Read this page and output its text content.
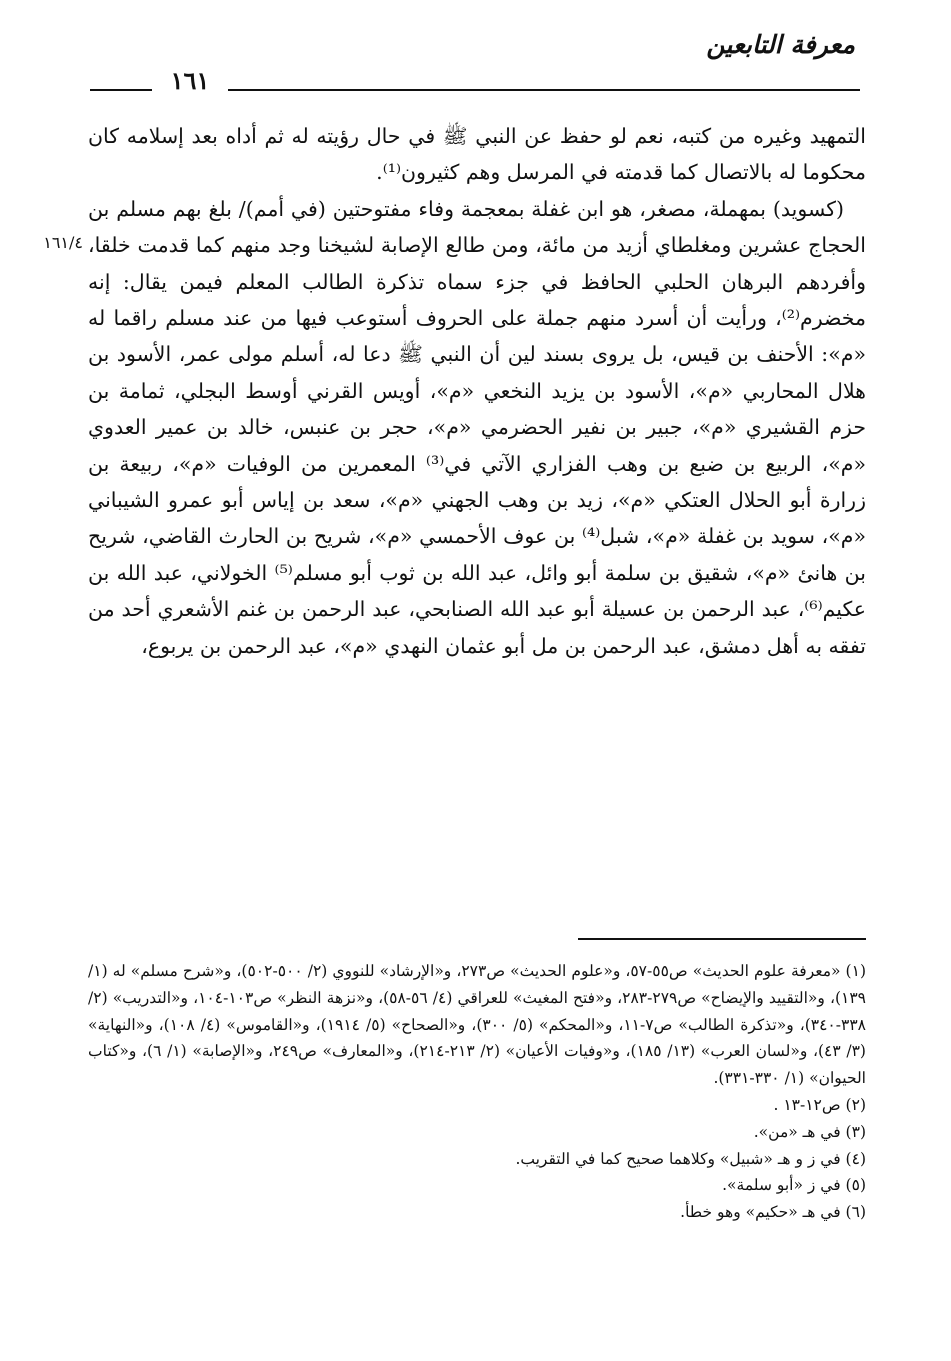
معرفة التابعين
١٦١
١٦١/٤

التمهيد وغيره من كتبه، نعم لو حفظ عن النبي ﷺ في حال رؤيته له ثم أداه بعد إسلامه كان محكوما له بالاتصال كما قدمته في المرسل وهم كثيرون⁽¹⁾.

(كسويد) بمهملة، مصغر، هو ابن غفلة بمعجمة وفاء مفتوحتين (في أمم)/ بلغ بهم مسلم بن الحجاج عشرين ومغلطاي أزيد من مائة، ومن طالع الإصابة لشيخنا وجد منهم كما قدمت خلقا، وأفردهم البرهان الحلبي الحافظ في جزء سماه تذكرة الطالب المعلم فيمن يقال: إنه مخضرم⁽²⁾، ورأيت أن أسرد منهم جملة على الحروف أستوعب فيها من عند مسلم راقما له «م»: الأحنف بن قيس، بل يروى بسند لين أن النبي ﷺ دعا له، أسلم مولى عمر، الأسود بن هلال المحاربي «م»، الأسود بن يزيد النخعي «م»، أويس القرني أوسط البجلي، ثمامة بن حزم القشيري «م»، جبير بن نفير الحضرمي «م»، حجر بن عنبس، خالد بن عمير العدوي «م»، الربيع بن ضبع بن وهب الفزاري الآتي في⁽³⁾ المعمرين من الوفيات «م»، ربيعة بن زرارة أبو الحلال العتكي «م»، زيد بن وهب الجهني «م»، سعد بن إياس أبو عمرو الشيباني «م»، سويد بن غفلة «م»، شبل⁽⁴⁾ بن عوف الأحمسي «م»، شريح بن الحارث القاضي، شريح بن هانئ «م»، شقيق بن سلمة أبو وائل، عبد الله بن ثوب أبو مسلم⁽⁵⁾ الخولاني، عبد الله بن عكيم⁽⁶⁾، عبد الرحمن بن عسيلة أبو عبد الله الصنابحي، عبد الرحمن بن غنم الأشعري أحد من تفقه به أهل دمشق، عبد الرحمن بن مل أبو عثمان النهدي «م»، عبد الرحمن بن يربوع،

(١) «معرفة علوم الحديث» ص٥٥-٥٧، و«علوم الحديث» ص٢٧٣، و«الإرشاد» للنووي (٢/ ٥٠٠-٥٠٢)، و«شرح مسلم» له (١/ ١٣٩)، و«التقييد والإيضاح» ص٢٧٩-٢٨٣، و«فتح المغيث» للعراقي (٤/ ٥٦-٥٨)، و«نزهة النظر» ص١٠٣-١٠٤، و«التدريب» (٢/ ٣٣٨-٣٤٠)، و«تذكرة الطالب» ص٧-١١، و«المحكم» (٥/ ٣٠٠)، و«الصحاح» (٥/ ١٩١٤)، و«القاموس» (٤/ ١٠٨)، و«النهاية» (٣/ ٤٣)، و«لسان العرب» (١٣/ ١٨٥)، و«وفيات الأعيان» (٢/ ٢١٣-٢١٤)، و«المعارف» ص٢٤٩، و«الإصابة» (١/ ٦)، و«كتاب الحيوان» (١/ ٣٣٠-٣٣١).

(٢) ص١٢-١٣ .

(٣) في هـ «من».

(٤) في ز و هـ «شبيل» وكلاهما صحيح كما في التقريب.

(٥) في ز «أبو سلمة».

(٦) في هـ «حكيم» وهو خطأ.
